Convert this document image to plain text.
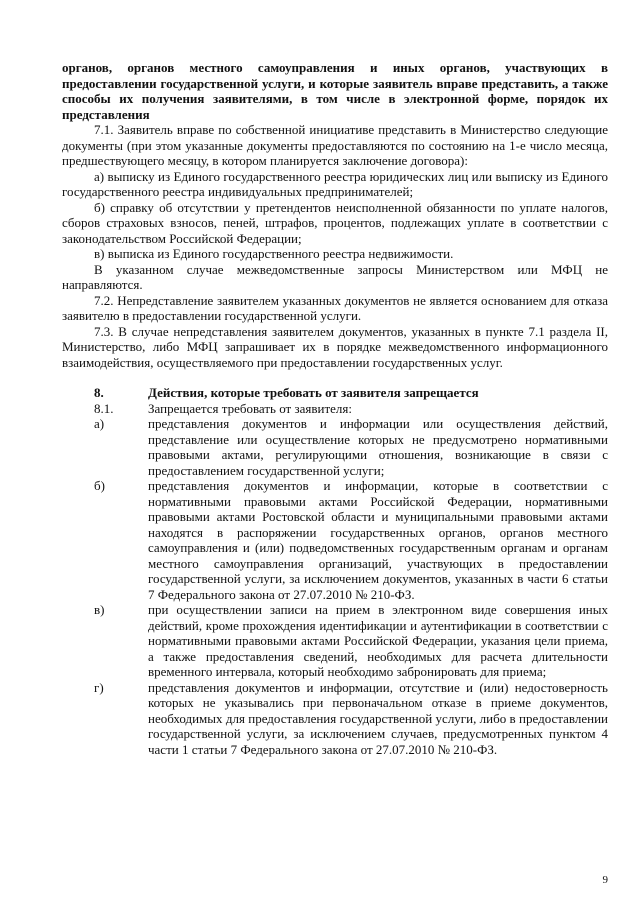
органов, органов местного самоуправления и иных органов, участвующих в предоставлении государственной услуги, и которые заявитель вправе представить, а также способы их получения заявителями, в том числе в электронной форме, порядок их представления

7.1. Заявитель вправе по собственной инициативе представить в Министерство следующие документы (при этом указанные документы предоставляются по состоянию на 1-е число месяца, предшествующего месяцу, в котором планируется заключение договора):

а) выписку из Единого государственного реестра юридических лиц или выписку из Единого государственного реестра индивидуальных предпринимателей;

б) справку об отсутствии у претендентов неисполненной обязанности по уплате налогов, сборов страховых взносов, пеней, штрафов, процентов, подлежащих уплате в соответствии с законодательством Российской Федерации;

в) выписка из Единого государственного реестра недвижимости.

В указанном случае межведомственные запросы Министерством или МФЦ не направляются.

7.2. Непредставление заявителем указанных документов не является основанием для отказа заявителю в предоставлении государственной услуги.

7.3. В случае непредставления заявителем документов, указанных в пункте 7.1 раздела II, Министерство, либо МФЦ запрашивает их в порядке межведомственного информационного взаимодействия, осуществляемого при предоставлении государственных услуг.

8.	Действия, которые требовать от заявителя запрещается
8.1.	Запрещается требовать от заявителя:
а)	представления документов и информации или осуществления действий, представление или осуществление которых не предусмотрено нормативными правовыми актами, регулирующими отношения, возникающие в связи с предоставлением государственной услуги;
б)	представления документов и информации, которые в соответствии с нормативными правовыми актами Российской Федерации, нормативными правовыми актами Ростовской области и муниципальными правовыми актами находятся в распоряжении государственных органов, органов местного самоуправления и (или) подведомственных государственным органам и органам местного самоуправления организаций, участвующих в предоставлении государственной услуги, за исключением документов, указанных в части 6 статьи 7 Федерального закона от 27.07.2010 № 210-ФЗ.
в)	при осуществлении записи на прием в электронном виде совершения иных действий, кроме прохождения идентификации и аутентификации в соответствии с нормативными правовыми актами Российской Федерации, указания цели приема, а также предоставления сведений, необходимых для расчета длительности временного интервала, который необходимо забронировать для приема;
г)	представления документов и информации, отсутствие и (или) недостоверность которых не указывались при первоначальном отказе в приеме документов, необходимых для предоставления государственной услуги, либо в предоставлении государственной услуги, за исключением случаев, предусмотренных пунктом 4 части 1 статьи 7 Федерального закона от 27.07.2010 № 210-ФЗ.
9
